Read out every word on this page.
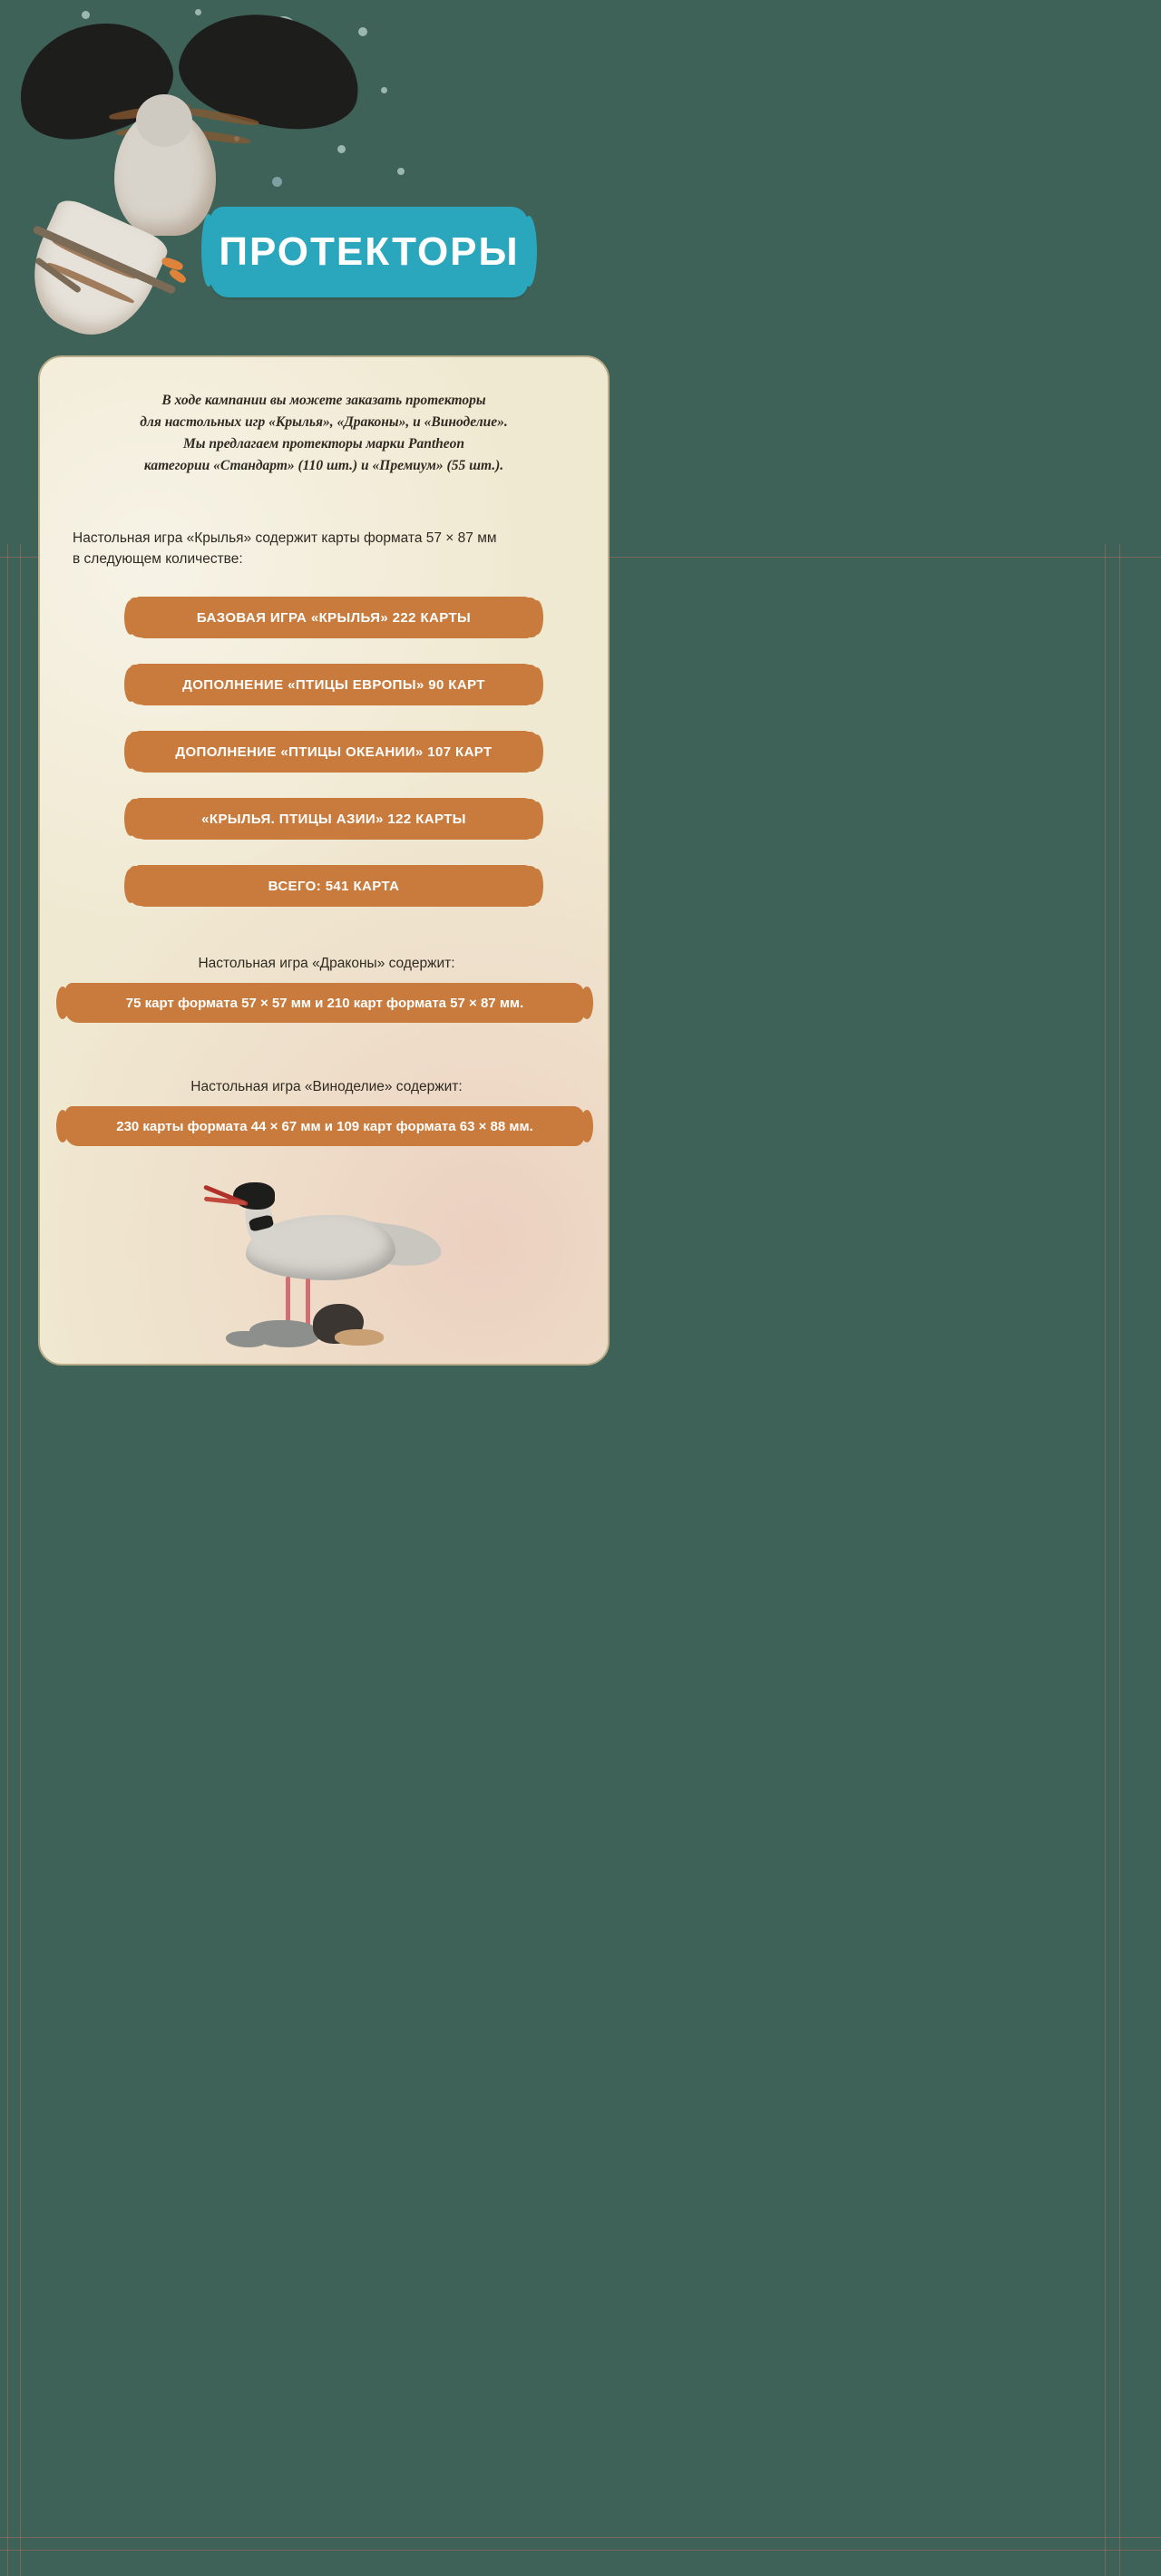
ПРОТЕКТОРЫ
В ходе кампании вы можете заказать протекторы
для настольных игр «Крылья», «Драконы», и «Виноделие».
Мы предлагаем протекторы марки Pantheon
категории «Стандарт» (110 шт.) и «Премиум» (55 шт.).
Настольная игра «Крылья» содержит карты формата 57 × 87 мм
в следующем количестве:
БАЗОВАЯ ИГРА «КРЫЛЬЯ» 222 КАРТЫ
ДОПОЛНЕНИЕ «ПТИЦЫ ЕВРОПЫ» 90 КАРТ
ДОПОЛНЕНИЕ «ПТИЦЫ ОКЕАНИИ» 107 КАРТ
«КРЫЛЬЯ. ПТИЦЫ АЗИИ» 122 КАРТЫ
ВСЕГО: 541 КАРТА
Настольная игра «Драконы» содержит:
75 карт формата 57 × 57 мм и 210 карт формата 57 × 87 мм.
Настольная игра «Виноделие» содержит:
230 карты формата 44 × 67 мм и 109 карт формата 63 × 88 мм.
